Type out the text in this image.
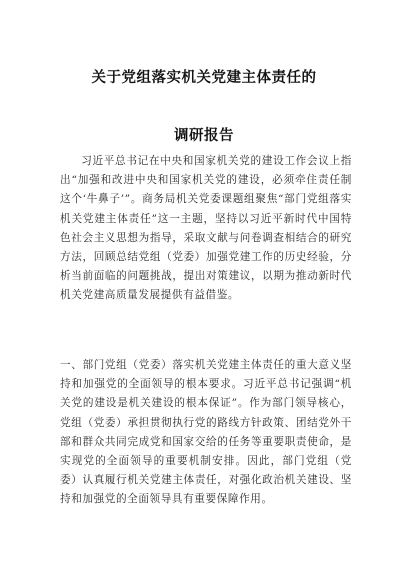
关于党组落实机关党建主体责任的
调研报告

习近平总书记在中央和国家机关党的建设工作会议上指出“加强和改进中央和国家机关党的建设，必须牵住责任制这个‘牛鼻子’”。商务局机关党委课题组聚焦“部门党组落实机关党建主体责任”这一主题，坚持以习近平新时代中国特色社会主义思想为指导，采取文献与问卷调查相结合的研究方法，回顾总结党组（党委）加强党建工作的历史经验，分析当前面临的问题挑战，提出对策建议，以期为推动新时代机关党建高质量发展提供有益借鉴。

一、部门党组（党委）落实机关党建主体责任的重大意义坚持和加强党的全面领导的根本要求。习近平总书记强调“机关党的建设是机关建设的根本保证”。作为部门领导核心，党组（党委）承担贯彻执行党的路线方针政策、团结党外干部和群众共同完成党和国家交给的任务等重要职责使命，是实现党的全面领导的重要机制安排。因此，部门党组（党委）认真履行机关党建主体责任，对强化政治机关建设、坚持和加强党的全面领导具有重要保障作用。
